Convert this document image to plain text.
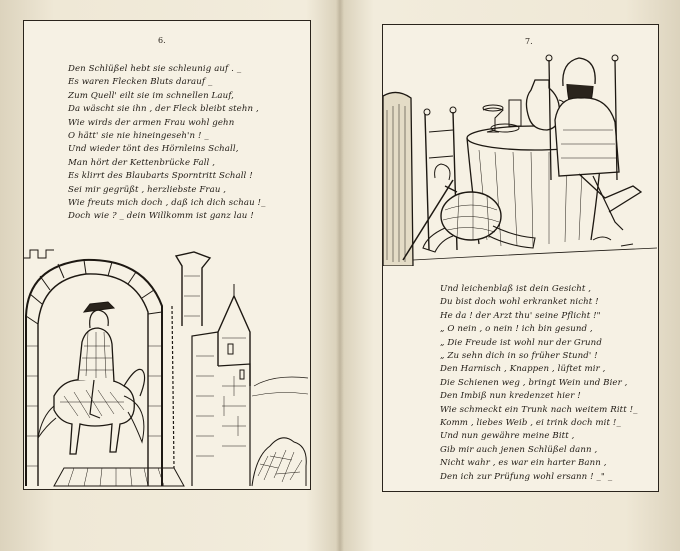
6.
Den Schlüßel hebt sie schleunig auf . _
Es waren Flecken Bluts darauf _
Zum Quell' eilt sie im schnellen Lauf,
Da wäscht sie ihn , der Fleck bleibt stehn ,
Wie wirds der armen Frau wohl gehn
O hätt' sie nie hineingeseh'n ! _
Und wieder tönt des Hörnleins Schall,
Man hört der Kettenbrücke Fall ,
Es klirrt des Blaubarts Sporntritt Schall !
Sei mir gegrüßt , herzliebste Frau ,
Wie freuts mich doch , daß ich dich schau !_
Doch wie ? _ dein Willkomm ist ganz lau !
7.
Und leichenblaß ist dein Gesicht ,
Du bist doch wohl erkranket nicht !
He da ! der Arzt thu' seine Pflicht !"
„ O nein , o nein ! ich bin gesund ,
„ Die Freude ist wohl nur der Grund
„ Zu sehn dich in so früher Stund' !
Den Harnisch , Knappen , lüftet mir ,
Die Schienen weg , bringt Wein und Bier ,
Den Imbiß nun kredenzet hier !
Wie schmeckt ein Trunk nach weitem Ritt !_
Komm , liebes Weib , ei trink doch mit !_
Und nun gewähre meine Bitt ,
Gib mir auch jenen Schlüßel dann ,
Nicht wahr , es war ein harter Bann ,
Den ich zur Prüfung wohl ersann ! _" _
